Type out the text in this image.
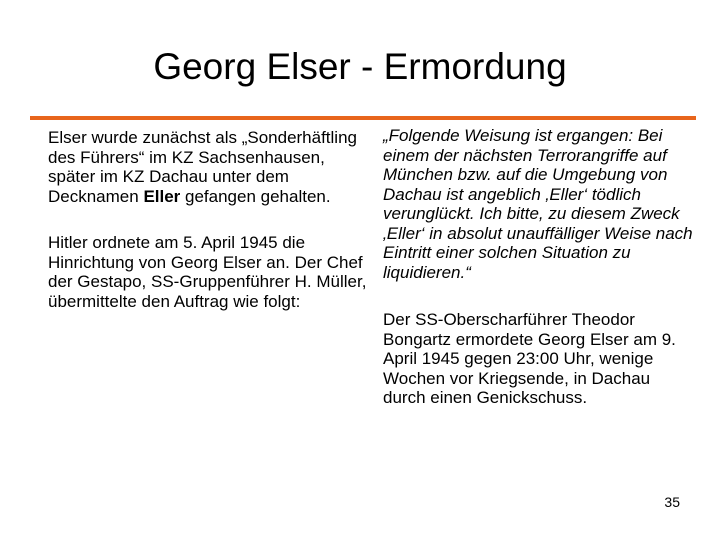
Georg Elser - Ermordung

Elser wurde zunächst als „Sonderhäftling des Führers“ im KZ Sachsenhausen, später im KZ Dachau unter dem Decknamen Eller gefangen gehalten.

Hitler ordnete am 5. April 1945 die Hinrichtung von Georg Elser an. Der Chef der Gestapo, SS-Gruppenführer H. Müller, übermittelte den Auftrag wie folgt:

„Folgende Weisung ist ergangen: Bei einem der nächsten Terrorangriffe auf München bzw. auf die Umgebung von Dachau ist angeblich ‚Eller‘ tödlich verunglückt. Ich bitte, zu diesem Zweck ‚Eller‘ in absolut unauffälliger Weise nach Eintritt einer solchen Situation zu liquidieren.“

Der SS-Oberscharführer Theodor Bongartz ermordete Georg Elser am 9. April 1945 gegen 23:00 Uhr, wenige Wochen vor Kriegsende, in Dachau durch einen Genickschuss.

35
